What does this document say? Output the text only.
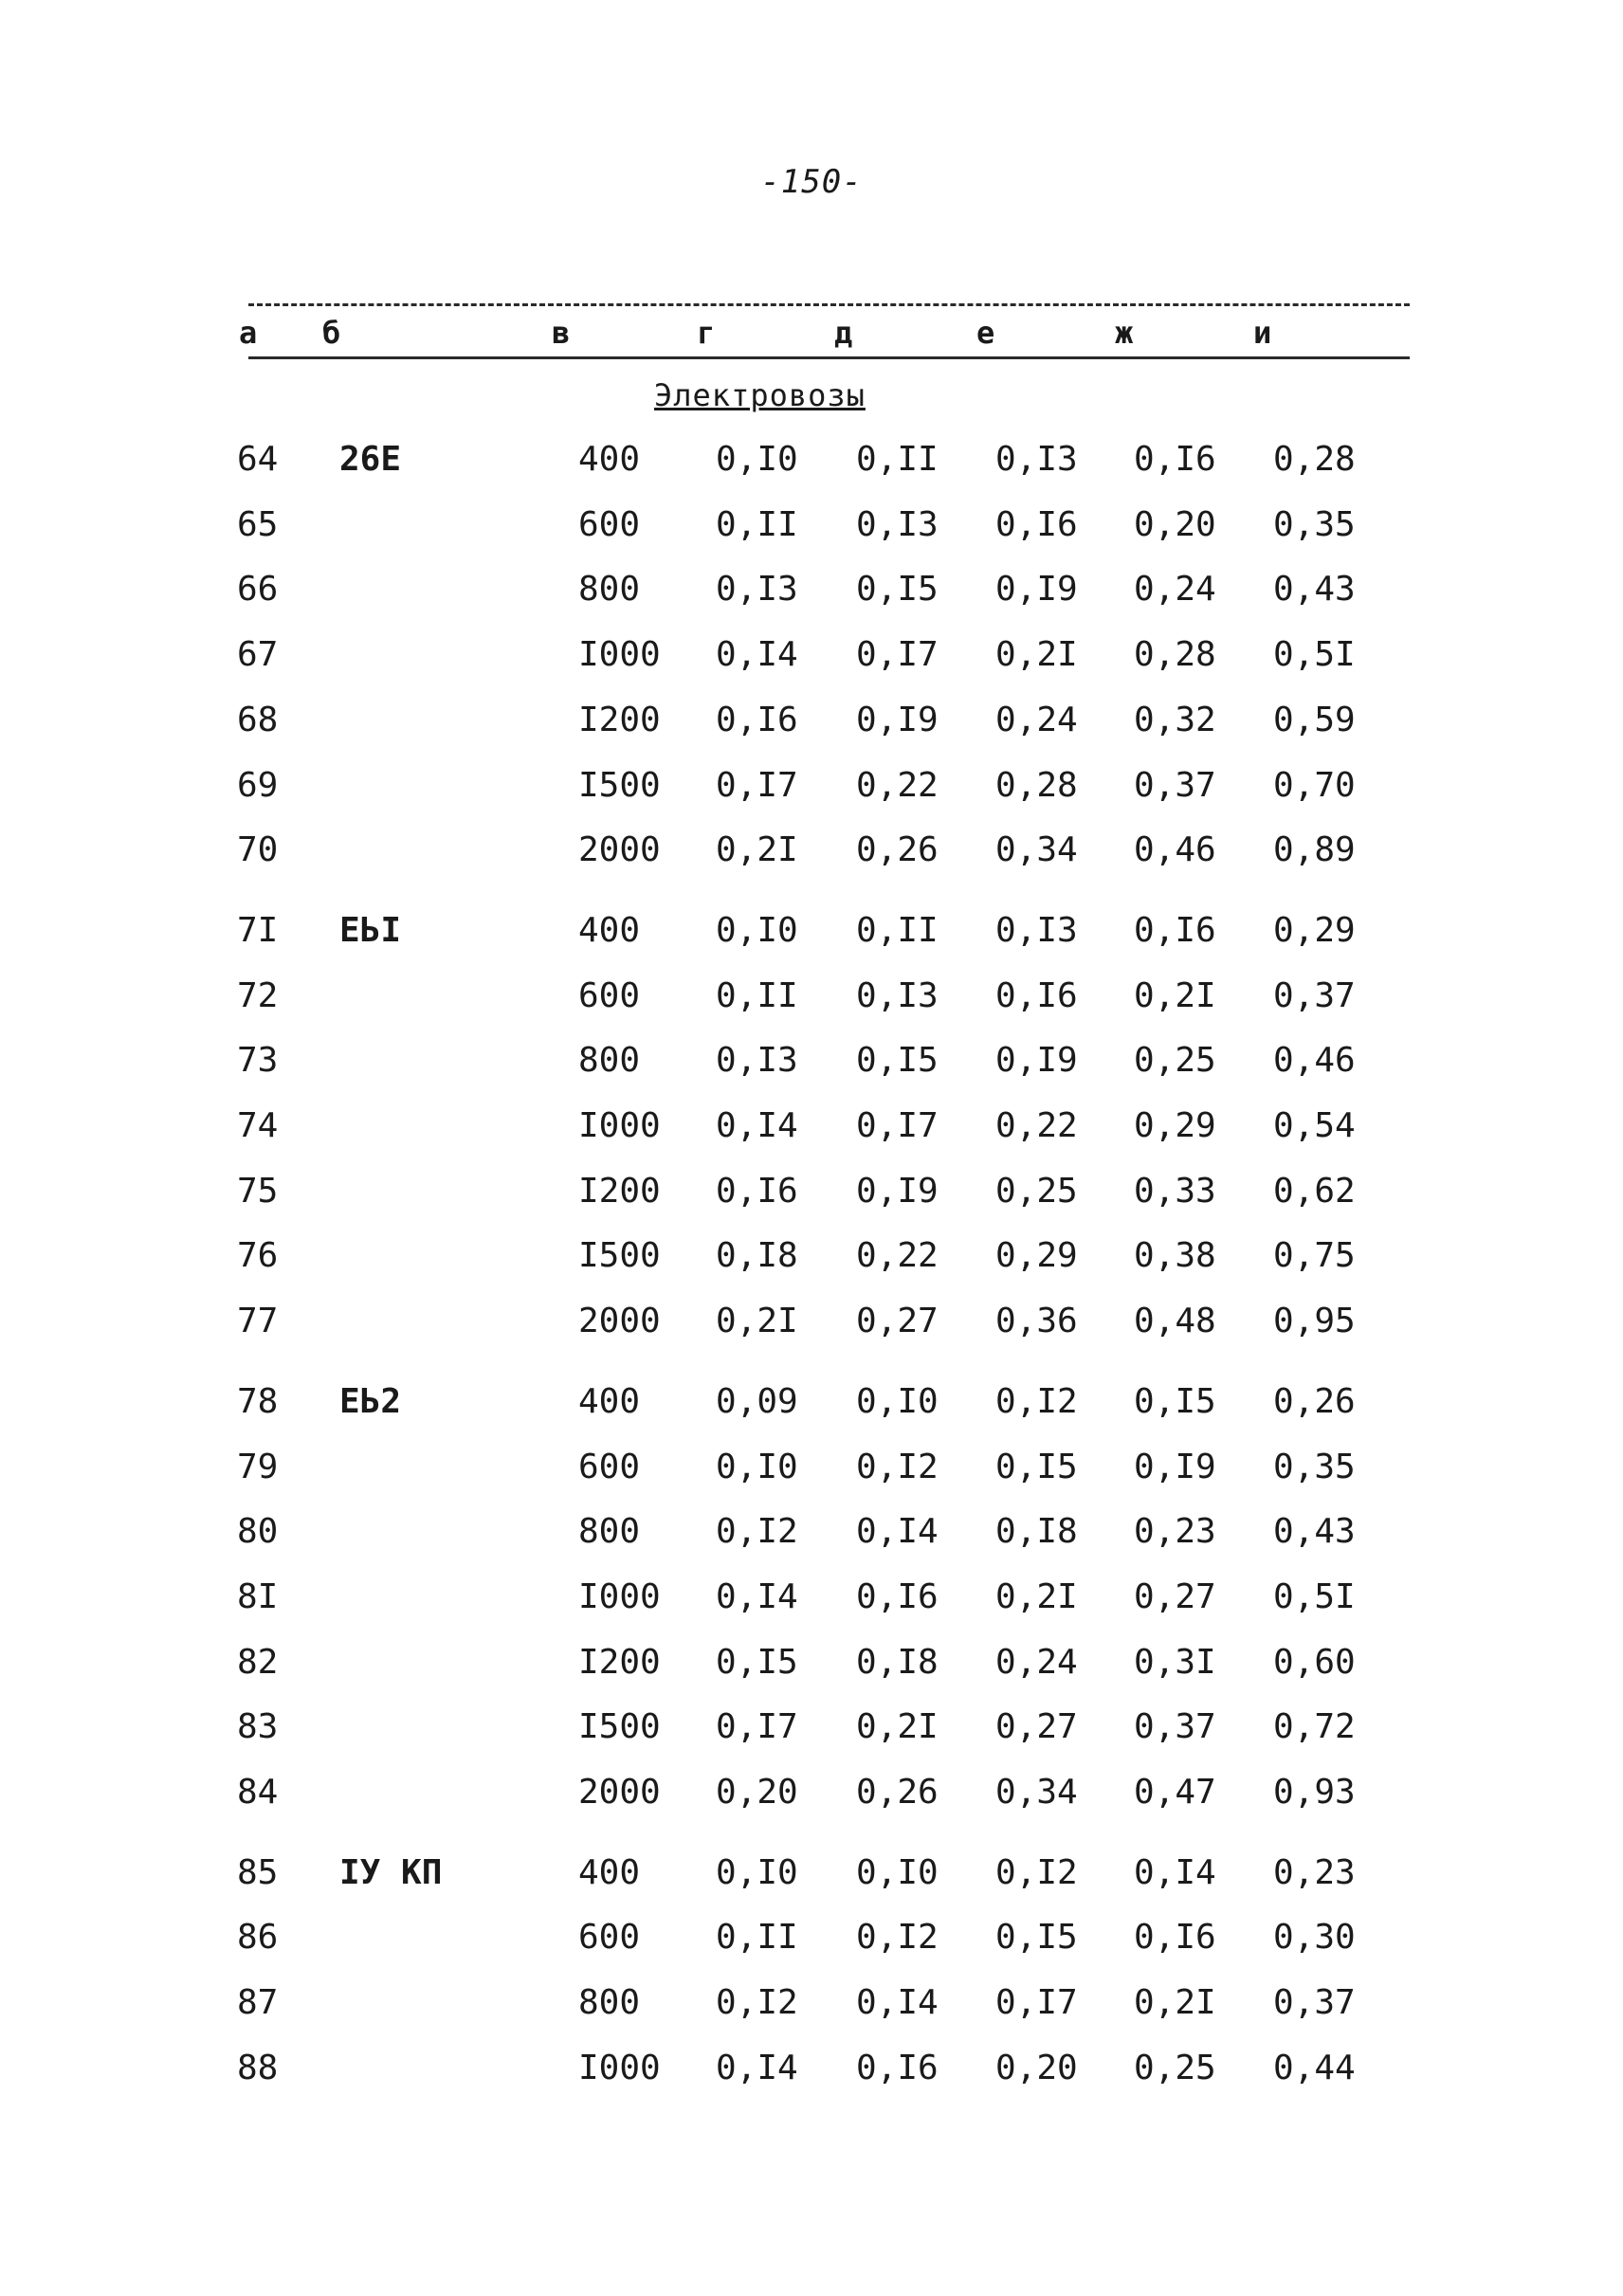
-150-
а б	в	г	д	е	ж	и
Электровозы
64 26Е	400 0,I0 0,II 0,I3 0,I6 0,28
65	600 0,II 0,I3 0,I6 0,20 0,35
66	800 0,I3 0,I5 0,I9 0,24 0,43
67	I000 0,I4 0,I7 0,2I 0,28 0,5I
68	I200 0,I6 0,I9 0,24 0,32 0,59
69	I500 0,I7 0,22 0,28 0,37 0,70
70	2000 0,2I 0,26 0,34 0,46 0,89
7I ЕЬI	400 0,I0 0,II 0,I3 0,I6 0,29
72	600 0,II 0,I3 0,I6 0,2I 0,37
73	800 0,I3 0,I5 0,I9 0,25 0,46
74	I000 0,I4 0,I7 0,22 0,29 0,54
75	I200 0,I6 0,I9 0,25 0,33 0,62
76	I500 0,I8 0,22 0,29 0,38 0,75
77	2000 0,2I 0,27 0,36 0,48 0,95
78 ЕЬ2	400 0,09 0,I0 0,I2 0,I5 0,26
79	600 0,I0 0,I2 0,I5 0,I9 0,35
80	800 0,I2 0,I4 0,I8 0,23 0,43
8I	I000 0,I4 0,I6 0,2I 0,27 0,5I
82	I200 0,I5 0,I8 0,24 0,3I 0,60
83	I500 0,I7 0,2I 0,27 0,37 0,72
84	2000 0,20 0,26 0,34 0,47 0,93
85 IУ КП	400 0,I0 0,I0 0,I2 0,I4 0,23
86	600 0,II 0,I2 0,I5 0,I6 0,30
87	800 0,I2 0,I4 0,I7 0,2I 0,37
88	I000 0,I4 0,I6 0,20 0,25 0,44
